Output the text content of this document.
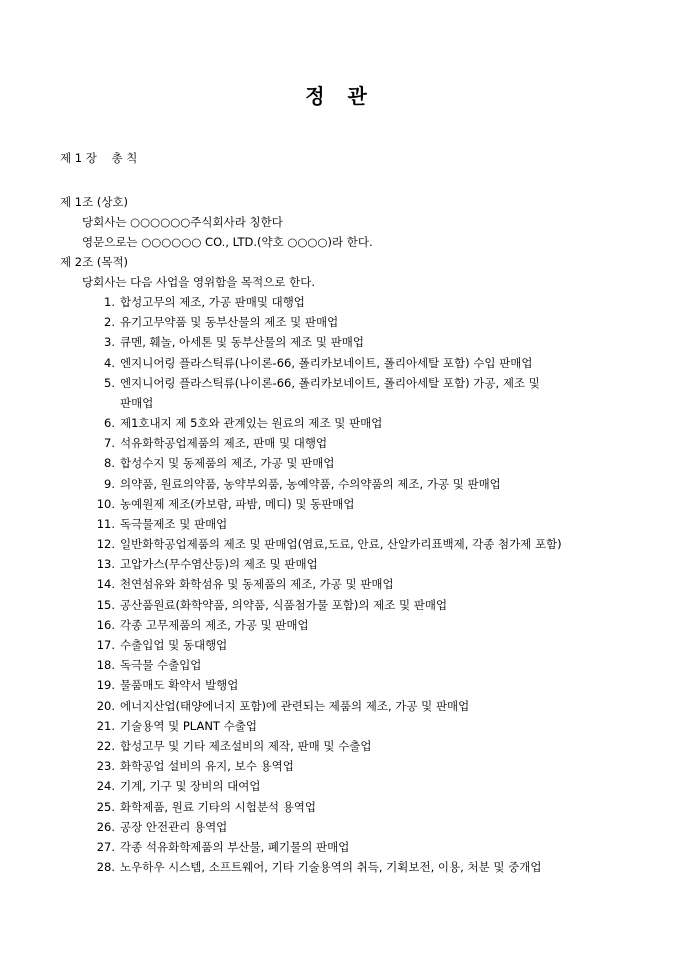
정 관
제 1 장 총 칙
제 1조 (상호)
당회사는 ○○○○○○주식회사라 칭한다
영문으로는 ○○○○○○ CO., LTD.(약호 ○○○○)라 한다.
제 2조 (목적)
당회사는 다음 사업을 영위함을 목적으로 한다.
1. 합성고무의 제조, 가공 판매및 대행업
2. 유기고무약품 및 동부산물의 제조 및 판매업
3. 큐멘, 훼놀, 아세톤 및 동부산물의 제조 및 판매업
4. 엔지니어링 플라스틱류(나이론-66, 폴리카보네이트, 폴리아세탈 포함) 수입 판매업
5. 엔지니어링 플라스틱류(나이론-66, 폴리카보네이트, 폴리아세탈 포함) 가공, 제조 및
판매업
6. 제1호내지 제 5호와 관계있는 원료의 제조 및 판매업
7. 석유화학공업제품의 제조, 판매 및 대행업
8. 합성수지 및 동제품의 제조, 가공 및 판매업
9. 의약품, 원료의약품, 농약부외품, 농예약품, 수의약품의 제조, 가공 및 판매업
10. 농예원제 제조(카보람, 파밤, 메디) 및 동판매업
11. 독극물제조 및 판매업
12. 일반화학공업제품의 제조 및 판매업(염료,도료, 안료, 산알카리표백제, 각종 첨가제 포함)
13. 고압가스(무수염산등)의 제조 및 판매업
14. 천연섬유와 화학섬유 및 동제품의 제조, 가공 및 판매업
15. 공산품원료(화학약품, 의약품, 식품첨가물 포함)의 제조 및 판매업
16. 각종 고무제품의 제조, 가공 및 판매업
17. 수출입업 및 동대행업
18. 독극물 수출입업
19. 물품매도 확약서 발행업
20. 에너지산업(태양에너지 포함)에 관련되는 제품의 제조, 가공 및 판매업
21. 기술용역 및 PLANT 수출업
22. 합성고무 및 기타 제조설비의 제작, 판매 및 수출업
23. 화학공업 설비의 유지, 보수 용역업
24. 기계, 기구 및 장비의 대여업
25. 화학제품, 원료 기타의 시험분석 용역업
26. 공장 안전관리 용역업
27. 각종 석유화학제품의 부산물, 폐기물의 판매업
28. 노우하우 시스템, 소프트웨어, 기타 기술용역의 취득, 기획보전, 이용, 처분 및 중개업
